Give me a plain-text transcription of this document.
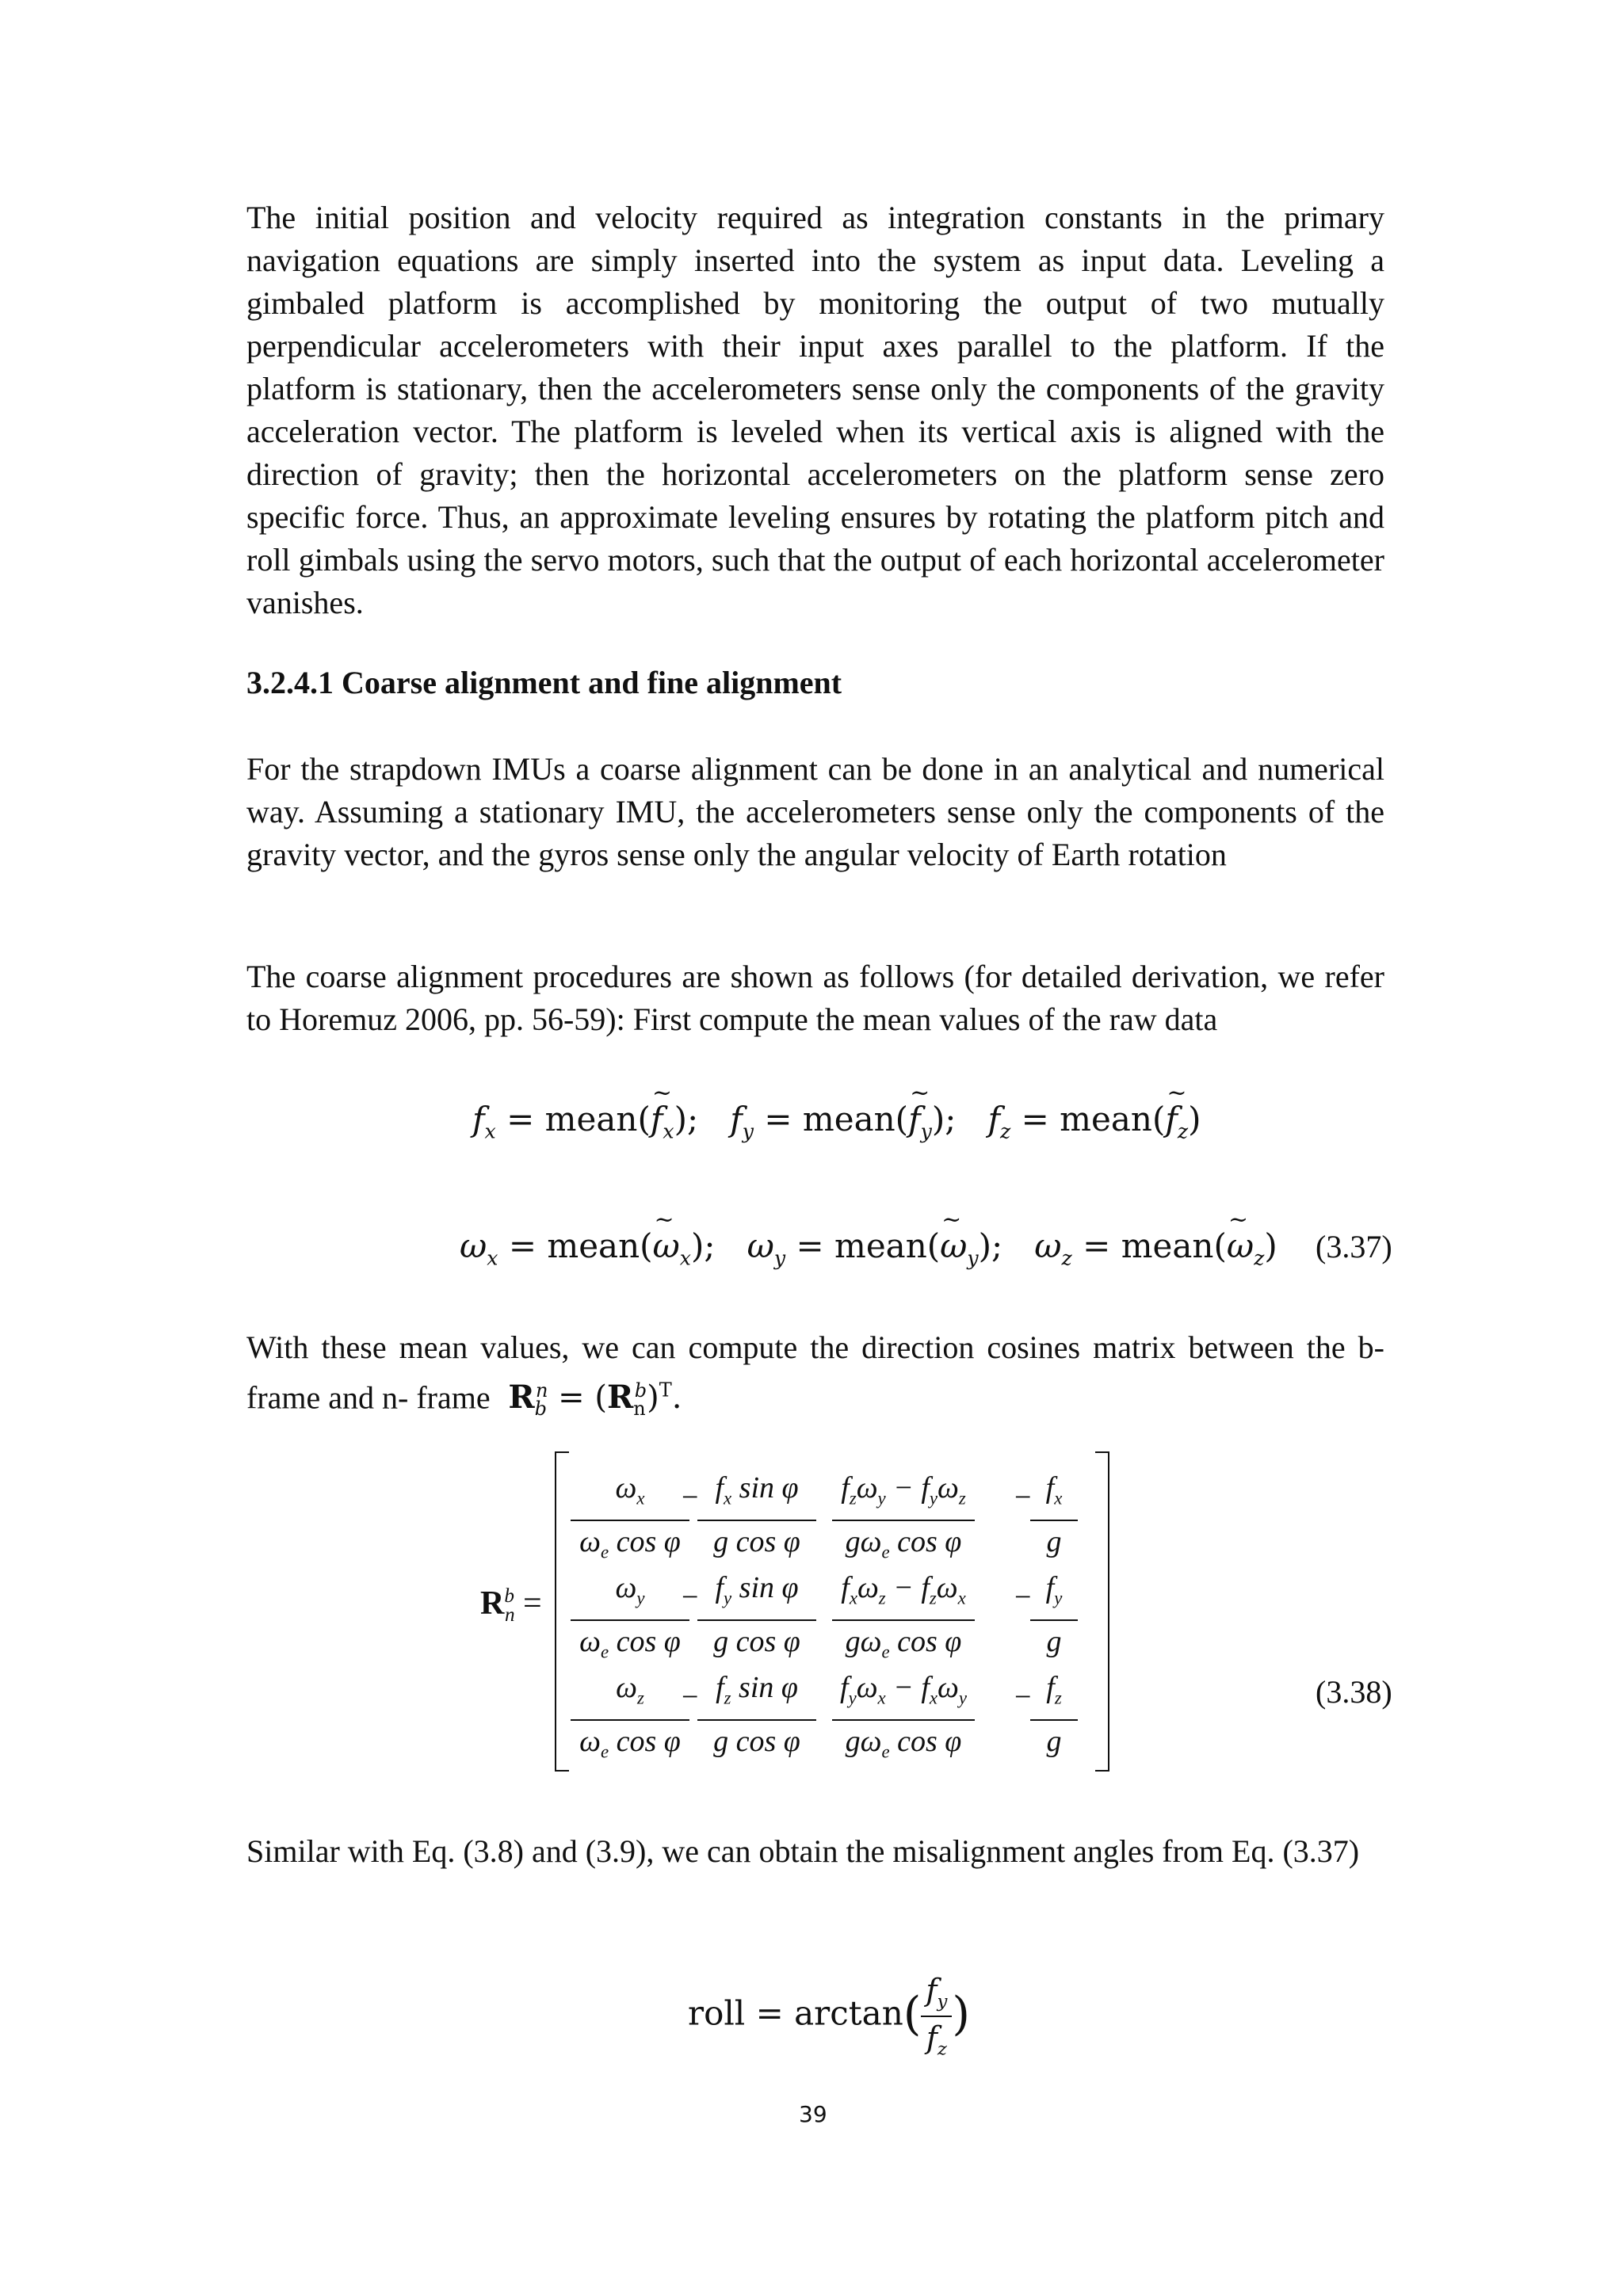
The initial position and velocity required as integration constants in the primary navigation equations are simply inserted into the system as input data. Leveling a gimbaled platform is accomplished by monitoring the output of two mutually perpendicular accelerometers with their input axes parallel to the platform. If the platform is stationary, then the accelerometers sense only the components of the gravity acceleration vector. The platform is leveled when its vertical axis is aligned with the direction of gravity; then the horizontal accelerometers on the platform sense zero specific force. Thus, an approximate leveling ensures by rotating the platform pitch and roll gimbals using the servo motors, such that the output of each horizontal accelerometer vanishes.

3.2.4.1 Coarse alignment and fine alignment

For the strapdown IMUs a coarse alignment can be done in an analytical and numerical way. Assuming a stationary IMU, the accelerometers sense only the components of the gravity vector, and the gyros sense only the angular velocity of Earth rotation

The coarse alignment procedures are shown as follows (for detailed derivation, we refer to Horemuz 2006, pp. 56-59): First compute the mean values of the raw data

$f_x$ = mean(~ $f_x$);   $f_y$ = mean(~ $f_y$);   $f_z$ = mean(~ $f_z$)
$\omega_x$ = mean(~ $\omega_x$);   $\omega_y$ = mean(~ $\omega_y$);   $\omega_z$ = mean(~ $\omega_z$) (3.37)

With these mean values, we can compute the direction cosines matrix between the b-frame and n- frame $R_b^n = (R_n^b)^T$.

$R^b_n$ =
$\omega_x$
$\omega_e$ cos φ
− $f_x$ sin φ
g cos φ
$f_z\omega_y - f_y\omega_z$
$g\omega_e$ cos φ
− $f_x$
g
$\omega_y$
$\omega_e$ cos φ
− $f_y$ sin φ
g cos φ
$f_x\omega_z - f_z\omega_x$
$g\omega_e$ cos φ
− $f_y$
g
$\omega_z$
$\omega_e$ cos φ
− $f_z$ sin φ
g cos φ
$f_y\omega_x - f_x\omega_y$
$g\omega_e$ cos φ
− $f_z$
g
(3.38)

Similar with Eq. (3.8) and (3.9), we can obtain the misalignment angles from Eq. (3.37)

roll = $\arctan( \frac{f_y}{f_z}$ )
39
